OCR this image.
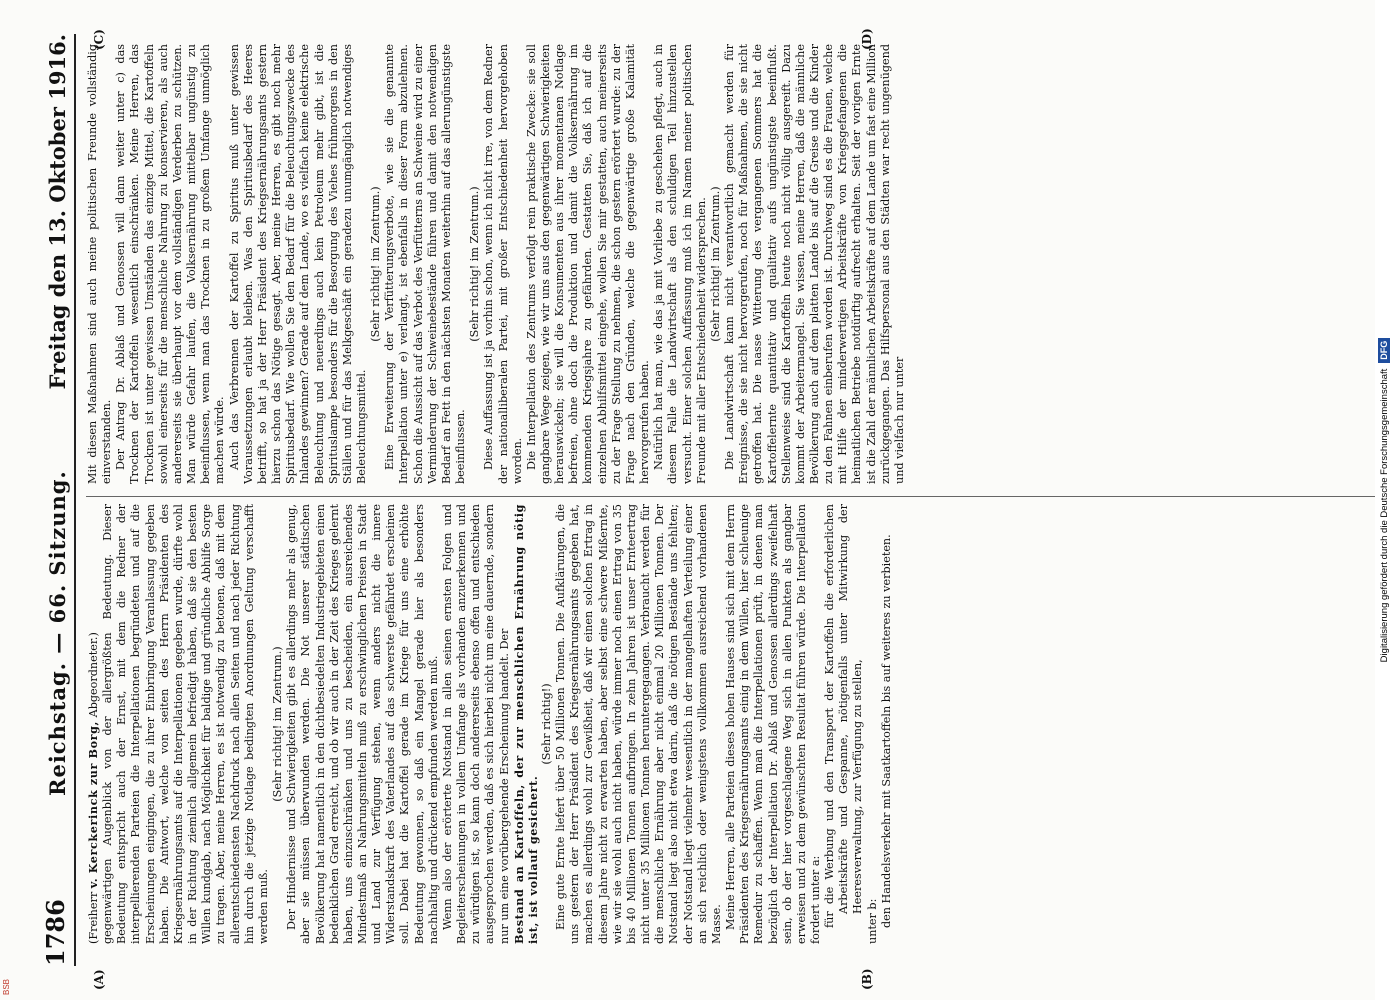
1786
Reichstag. — 66. Sitzung.
Freitag den 13. Oktober 1916.
(A)	(B)
(C)	(D)

(Freiherr v. Kerckerinck zur Borg, Abgeordneter.) gegenwärtigen Augenblick von der allergrößten Bedeutung. Dieser Bedeutung entspricht auch der Ernst, mit dem die Redner der interpellierenden Parteien die Interpellationen begründeten und auf die Erscheinungen eingingen, die zu ihrer Einbringung Veranlassung gegeben haben. Die Antwort, welche von seiten des Herrn Präsidenten des Kriegsernährungsamts auf die Interpellationen gegeben wurde, dürfte wohl in der Richtung ziemlich allgemein befriedigt haben, daß sie den besten Willen kundgab, nach Möglichkeit für baldige und gründliche Abhilfe Sorge zu tragen. Aber, meine Herren, es ist notwendig zu betonen, daß mit dem allerentschiedensten Nachdruck nach allen Seiten und nach jeder Richtung hin durch die jetzige Notlage bedingten Anordnungen Geltung verschafft werden muß.

(Sehr richtig! im Zentrum.) Der Hindernisse und Schwierigkeiten gibt es allerdings mehr als genug, aber sie müssen überwunden werden. Die Not unserer städtischen Bevölkerung hat namentlich in den dichtbesiedelten Industriegebieten einen bedenklichen Grad erreicht, und ob wir auch in der Zeit des Krieges gelernt haben, uns einzuschränken und uns zu bescheiden, ein ausreichendes Mindestmaß an Nahrungsmitteln muß zu erschwinglichen Preisen in Stadt und Land zur Verfügung stehen, wenn anders nicht die innere Widerstandskraft des Vaterlandes auf das schwerste gefährdet erscheinen soll. Dabei hat die Kartoffel gerade im Kriege für uns eine erhöhte Bedeutung gewonnen, so daß ein Mangel gerade hier als besonders nachhaltig und drückend empfunden werden muß. Wenn also der erörterte Notstand in allen seinen ernsten Folgen und Begleiterscheinungen in vollem Umfange als vorhanden anzuerkennen und zu würdigen ist, so kann doch andererseits ebenso offen und entschieden ausgesprochen werden, daß es sich hierbei nicht um eine dauernde, sondern nur um eine vorübergehende Erscheinung handelt. Der Bestand an Kartoffeln, der zur menschlichen Ernährung nötig ist, ist vollauf gesichert.

(Sehr richtig!) Eine gute Ernte liefert über 50 Millionen Tonnen. Die Aufklärungen, die uns gestern der Herr Präsident des Kriegsernährungsamts gegeben hat, machen es allerdings wohl zur Gewißheit, daß wir einen solchen Ertrag in diesem Jahre nicht zu erwarten haben, aber selbst eine schwere Mißernte, wie wir sie wohl auch nicht haben, würde immer noch einen Ertrag von 35 bis 40 Millionen Tonnen aufbringen. In zehn Jahren ist unser Ernteertrag nicht unter 35 Millionen Tonnen heruntergegangen. Verbraucht werden für die menschliche Ernährung aber nicht einmal 20 Millionen Tonnen. Der Notstand liegt also nicht etwa darin, daß die nötigen Bestände uns fehlten; der Notstand liegt vielmehr wesentlich in der mangelhaften Verteilung einer an sich reichlich oder wenigstens vollkommen ausreichend vorhandenen Masse. Meine Herren, alle Parteien dieses hohen Hauses sind sich mit dem Herrn Präsidenten des Kriegsernährungsamts einig in dem Willen, hier schleunige Remedur zu schaffen. Wenn man die Interpellationen prüft, in denen man bezüglich der Interpellation Dr. Ablaß und Genossen allerdings zweifelhaft sein, ob der hier vorgeschlagene Weg sich in allen Punkten als gangbar erweisen und zu dem gewünschten Resultat führen würde. Die Interpellation fordert unter a: für die Werbung und den Transport der Kartoffeln die erforderlichen Arbeitskräfte und Gespanne, nötigenfalls unter Mitwirkung der Heeresverwaltung, zur Verfügung zu stellen,

unter b: den Handelsverkehr mit Saatkartoffeln bis auf weiteres zu verbieten.

Mit diesen Maßnahmen sind auch meine politischen Freunde vollständig einverstanden. Der Antrag Dr. Ablaß und Genossen will dann weiter unter c) das Trocknen der Kartoffeln wesentlich einschränken. Meine Herren, das Trocknen ist unter gewissen Umständen das einzige Mittel, die Kartoffeln sowohl einerseits für die menschliche Nahrung zu konservieren, als auch andererseits sie überhaupt vor dem vollständigen Verderben zu schützen. Man würde Gefahr laufen, die Volksernährung mittelbar ungünstig zu beeinflussen, wenn man das Trocknen in zu großem Umfange unmöglich machen würde. Auch das Verbrennen der Kartoffel zu Spiritus muß unter gewissen Voraussetzungen erlaubt bleiben. Was den Spiritusbedarf des Heeres betrifft, so hat ja der Herr Präsident des Kriegsernährungsamts gestern hierzu schon das Nötige gesagt. Aber, meine Herren, es gibt noch mehr Spiritusbedarf. Wie wollen Sie den Bedarf für die Beleuchtungszwecke des Inlandes gewinnen? Gerade auf dem Lande, wo es vielfach keine elektrische Beleuchtung und neuerdings auch kein Petroleum mehr gibt, ist die Spirituslampe besonders für die Besorgung des Viehes frühmorgens in den Ställen und für das Melkgeschäft ein geradezu unumgänglich notwendiges Beleuchtungsmittel.

(Sehr richtig! im Zentrum.) Eine Erweiterung der Verfütterungsverbote, wie sie die genannte Interpellation unter e) verlangt, ist ebenfalls in dieser Form abzulehnen. Schon die Aussicht auf das Verbot des Verfütterns an Schweine wird zu einer Verminderung der Schweinebestände führen und damit den notwendigen Bedarf an Fett in den nächsten Monaten weiterhin auf das allerungünstigste beeinflussen.

(Sehr richtig! im Zentrum.) Diese Auffassung ist ja vorhin schon, wenn ich nicht irre, von dem Redner der nationalliberalen Partei, mit großer Entschiedenheit hervorgehoben worden. Die Interpellation des Zentrums verfolgt rein praktische Zwecke: sie soll gangbare Wege zeigen, wie wir uns aus den gegenwärtigen Schwierigkeiten herauswickeln; sie will die Konsumenten aus ihrer momentanen Notlage befreien, ohne doch die Produktion und damit die Volksernährung im kommenden Kriegsjahre zu gefährden. Gestatten Sie, daß ich auf die einzelnen Abhilfsmittel eingehe, wollen Sie mir gestatten, auch meinerseits zu der Frage Stellung zu nehmen, die schon gestern erörtert wurde: zu der Frage nach den Gründen, welche die gegenwärtige große Kalamität hervorgerufen haben. Natürlich hat man, wie das ja mit Vorliebe zu geschehen pflegt, auch in diesem Falle die Landwirtschaft als den schuldigen Teil hinzustellen versucht. Einer solchen Auffassung muß ich im Namen meiner politischen Freunde mit aller Entschiedenheit widersprechen. (Sehr richtig! im Zentrum.) Die Landwirtschaft kann nicht verantwortlich gemacht werden für Ereignisse, die sie nicht hervorgerufen, noch für Maßnahmen, die sie nicht getroffen hat. Die nasse Witterung des vergangenen Sommers hat die Kartoffelernte quantitativ und qualitativ aufs ungünstigste beeinflußt. Stellenweise sind die Kartoffeln heute noch nicht völlig ausgereift. Dazu kommt der Arbeitermangel. Sie wissen, meine Herren, daß die männliche Bevölkerung auch auf dem platten Lande bis auf die Greise und die Kinder zu den Fahnen einberufen worden ist. Durchweg sind es die Frauen, welche mit Hilfe der minderwertigen Arbeitskräfte von Kriegsgefangenen die heimatlichen Betriebe notdürftig aufrecht erhalten. Seit der vorigen Ernte ist die Zahl der männlichen Arbeitskräfte auf dem Lande um fast eine Million zurückgegangen. Das Hilfspersonal aus den Städten war recht ungenügend und vielfach nur unter

BSB
Digitalisierung gefördert durch die Deutsche ForschungsgemeinschaftDFG
